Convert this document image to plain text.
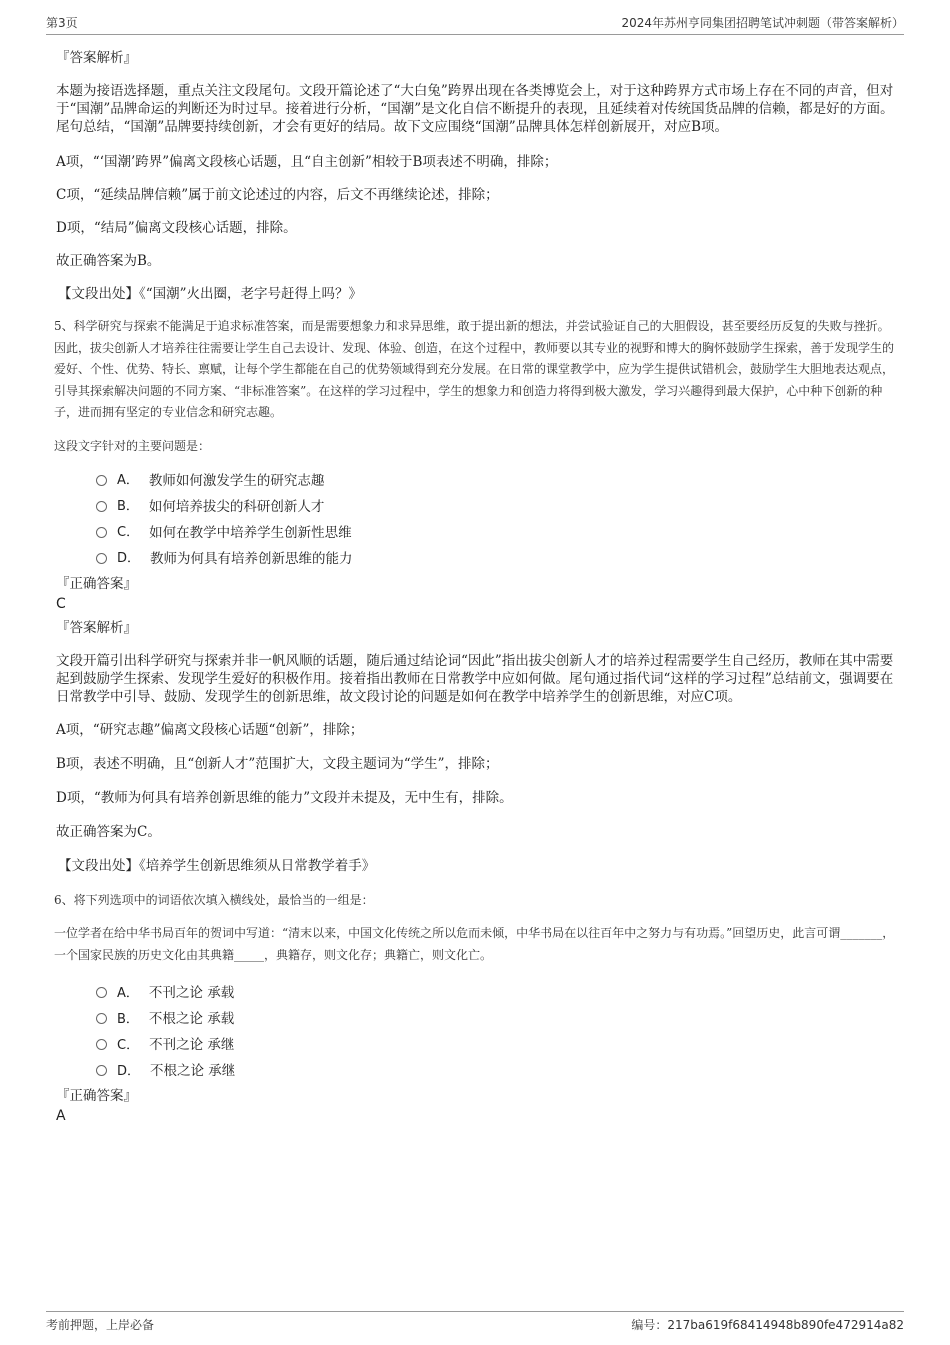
第3页	2024年苏州亨同集团招聘笔试冲刺题（带答案解析）

『答案解析』

本题为接语选择题，重点关注文段尾句。文段开篇论述了“大白兔”跨界出现在各类博览会上，对于这种跨界方式市场上存在不同的声音，但对于“国潮”品牌命运的判断还为时过早。接着进行分析，“国潮”是文化自信不断提升的表现，且延续着对传统国货品牌的信赖，都是好的方面。尾句总结，“国潮”品牌要持续创新，才会有更好的结局。故下文应围绕“国潮”品牌具体怎样创新展开，对应B项。

A项，“‘国潮’跨界”偏离文段核心话题，且“自主创新”相较于B项表述不明确，排除；

C项，“延续品牌信赖”属于前文论述过的内容，后文不再继续论述，排除；

D项，“结局”偏离文段核心话题，排除。

故正确答案为B。

【文段出处】《“国潮”火出圈，老字号赶得上吗？》

5、科学研究与探索不能满足于追求标准答案，而是需要想象力和求异思维，敢于提出新的想法，并尝试验证自己的大胆假设，甚至要经历反复的失败与挫折。因此，拔尖创新人才培养往往需要让学生自己去设计、发现、体验、创造，在这个过程中，教师要以其专业的视野和博大的胸怀鼓励学生探索，善于发现学生的爱好、个性、优势、特长、禀赋，让每个学生都能在自己的优势领域得到充分发展。在日常的课堂教学中，应为学生提供试错机会，鼓励学生大胆地表达观点，引导其探索解决问题的不同方案、“非标准答案”。在这样的学习过程中，学生的想象力和创造力将得到极大激发，学习兴趣得到最大保护，心中种下创新的种子，进而拥有坚定的专业信念和研究志趣。

这段文字针对的主要问题是：

A． 教师如何激发学生的研究志趣
B． 如何培养拔尖的科研创新人才
C． 如何在教学中培养学生创新性思维
D． 教师为何具有培养创新思维的能力

『正确答案』

C

『答案解析』

文段开篇引出科学研究与探索并非一帆风顺的话题，随后通过结论词“因此”指出拔尖创新人才的培养过程需要学生自己经历，教师在其中需要起到鼓励学生探索、发现学生爱好的积极作用。接着指出教师在日常教学中应如何做。尾句通过指代词“这样的学习过程”总结前文，强调要在日常教学中引导、鼓励、发现学生的创新思维，故文段讨论的问题是如何在教学中培养学生的创新思维，对应C项。

A项，“研究志趣”偏离文段核心话题“创新”，排除；

B项，表述不明确，且“创新人才”范围扩大，文段主题词为“学生”，排除；

D项，“教师为何具有培养创新思维的能力”文段并未提及，无中生有，排除。

故正确答案为C。

【文段出处】《培养学生创新思维须从日常教学着手》

6、将下列选项中的词语依次填入横线处，最恰当的一组是：

一位学者在给中华书局百年的贺词中写道：“清末以来，中国文化传统之所以危而未倾，中华书局在以往百年中之努力与有功焉。”回望历史，此言可谓_______，一个国家民族的历史文化由其典籍_____，典籍存，则文化存；典籍亡，则文化亡。

A． 不刊之论 承载
B． 不根之论 承载
C． 不刊之论 承继
D． 不根之论 承继

『正确答案』

A

考前押题，上岸必备	编号：217ba619f68414948b890fe472914a82
